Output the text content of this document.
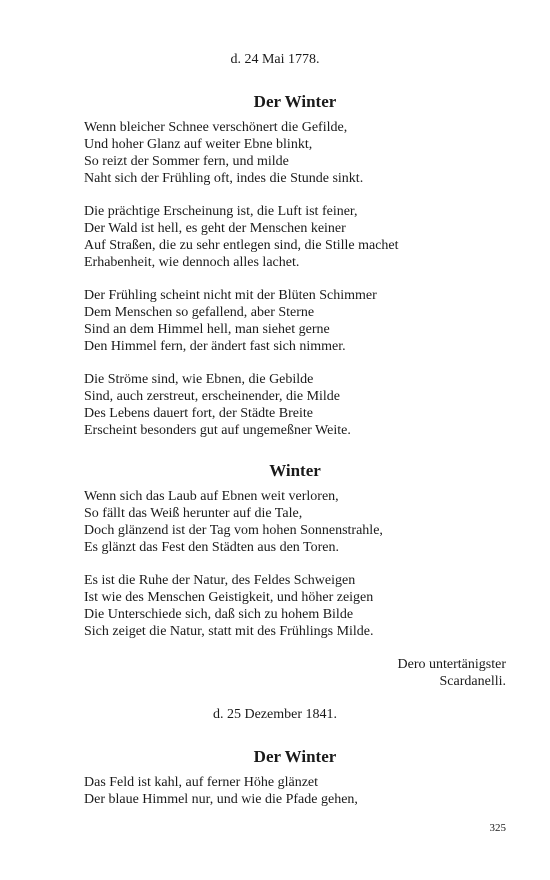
d. 24 Mai 1778.
Der Winter
Wenn bleicher Schnee verschönert die Gefilde,
Und hoher Glanz auf weiter Ebne blinkt,
So reizt der Sommer fern, und milde
Naht sich der Frühling oft, indes die Stunde sinkt.
Die prächtige Erscheinung ist, die Luft ist feiner,
Der Wald ist hell, es geht der Menschen keiner
Auf Straßen, die zu sehr entlegen sind, die Stille machet
Erhabenheit, wie dennoch alles lachet.
Der Frühling scheint nicht mit der Blüten Schimmer
Dem Menschen so gefallend, aber Sterne
Sind an dem Himmel hell, man siehet gerne
Den Himmel fern, der ändert fast sich nimmer.
Die Ströme sind, wie Ebnen, die Gebilde
Sind, auch zerstreut, erscheinender, die Milde
Des Lebens dauert fort, der Städte Breite
Erscheint besonders gut auf ungemeßner Weite.
Winter
Wenn sich das Laub auf Ebnen weit verloren,
So fällt das Weiß herunter auf die Tale,
Doch glänzend ist der Tag vom hohen Sonnenstrahle,
Es glänzt das Fest den Städten aus den Toren.
Es ist die Ruhe der Natur, des Feldes Schweigen
Ist wie des Menschen Geistigkeit, und höher zeigen
Die Unterschiede sich, daß sich zu hohem Bilde
Sich zeiget die Natur, statt mit des Frühlings Milde.
Dero untertänigster
Scardanelli.
d. 25 Dezember 1841.
Der Winter
Das Feld ist kahl, auf ferner Höhe glänzet
Der blaue Himmel nur, und wie die Pfade gehen,
325
